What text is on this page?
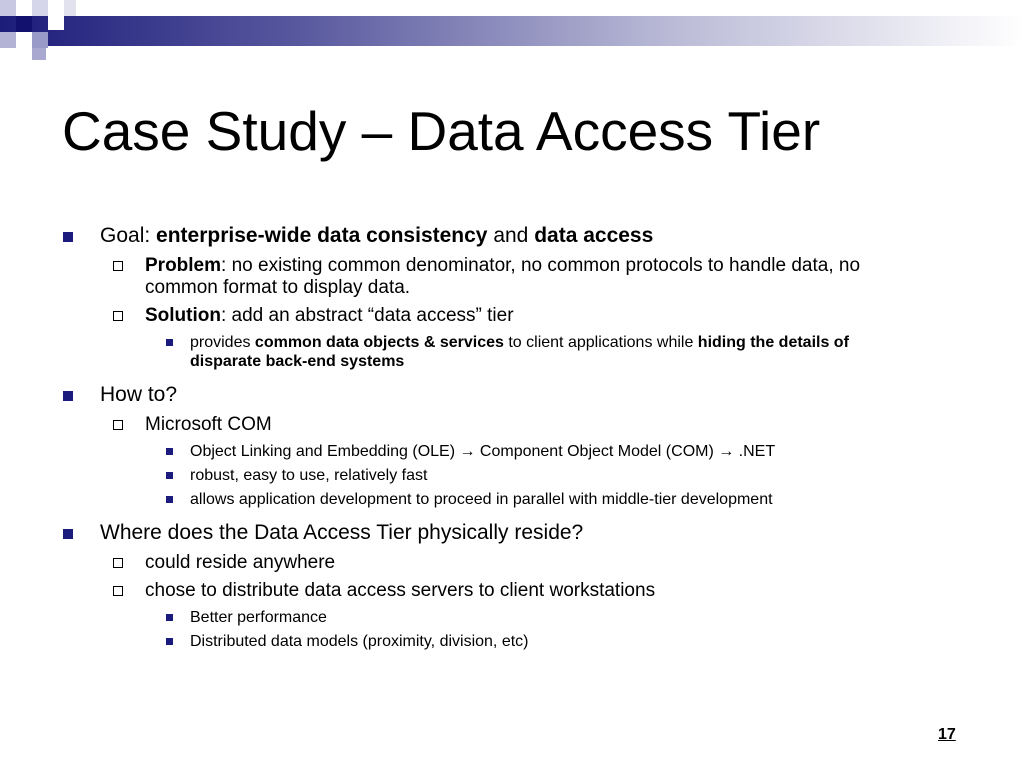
Case Study – Data Access Tier
Goal: enterprise-wide data consistency and data access
Problem: no existing common denominator, no common protocols to handle data, no common format to display data.
Solution: add an abstract “data access” tier
provides common data objects & services to client applications while hiding the details of disparate back-end systems
How to?
Microsoft COM
Object Linking and Embedding (OLE) → Component Object Model (COM) → .NET
robust, easy to use, relatively fast
allows application development to proceed in parallel with middle-tier development
Where does the Data Access Tier physically reside?
could reside anywhere
chose to distribute data access servers to client workstations
Better performance
Distributed data models (proximity, division, etc)
17
